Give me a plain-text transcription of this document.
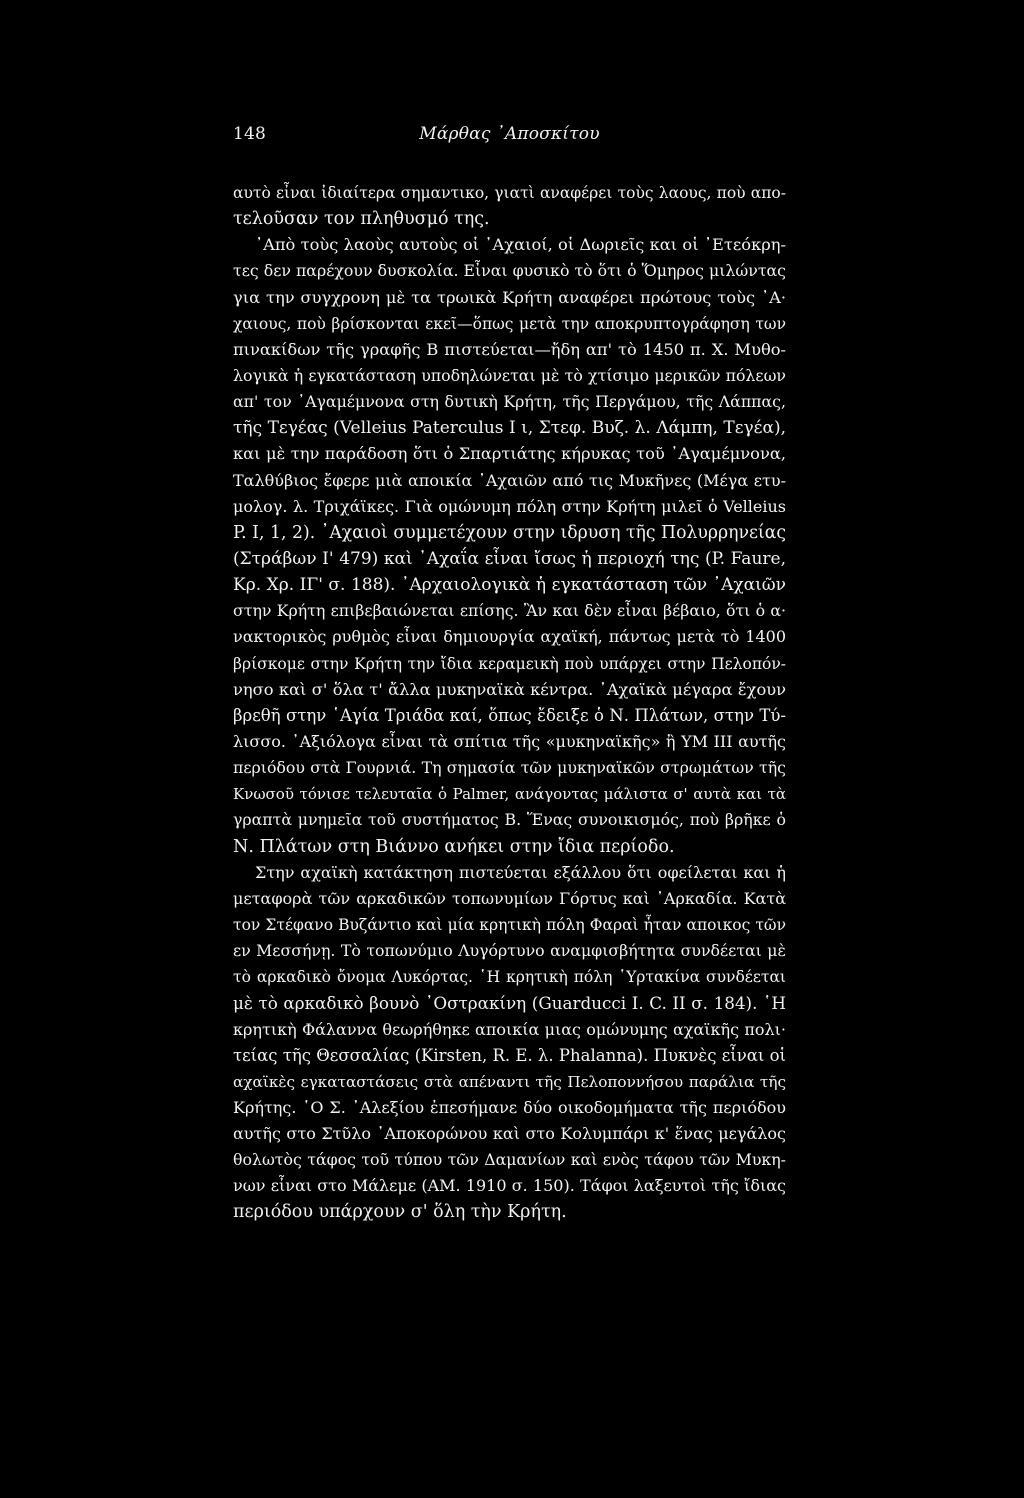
148	Μάρθας ᾿Αποσκίτου
αυτὸ εἶναι ἰδιαίτερα σημαντικο, γιατὶ αναφέρει τοὺς λαους, ποὺ απο-
τελοῦσαν τον πληθυσμό της.
᾿Απὸ τοὺς λαοὺς αυτοὺς οἱ ᾿Αχαιοί, οἱ Δωριεῖς και οἱ ᾿Ετεόκρη-
τες δεν παρέχουν δυσκολία. Εἶναι φυσικὸ τὸ ὅτι ὁ Ὅμηρος μιλώντας
για την συγχρονη μὲ τα τρωικὰ Κρήτη αναφέρει πρώτους τοὺς ᾿Α·
χαιους, ποὺ βρίσκονται εκεῖ—ὅπως μετὰ την αποκρυπτογράφηση των
πινακίδων τῆς γραφῆς Β πιστεύεται—ἤδη απ' τὸ 1450 π. Χ. Μυθο-
λογικὰ ἡ εγκατάσταση υποδηλώνεται μὲ τὸ χτίσιμο μερικῶν πόλεων
απ' τον ᾿Αγαμέμνονα στη δυτικὴ Κρήτη, τῆς Περγάμου, τῆς Λάππας,
τῆς Τεγέας (Velleius Paterculus I ι, Στεφ. Βυζ. λ. Λάμπη, Τεγέα),
και μὲ την παράδοση ὅτι ὁ Σπαρτιάτης κήρυκας τοῦ ᾿Αγαμέμνονα,
Ταλθύβιος ἔφερε μιὰ αποικία ᾿Αχαιῶν από τις Μυκῆνες (Μέγα ετυ-
μολογ. λ. Τριχάϊκες. Γιὰ ομώνυμη πόλη στην Κρήτη μιλεῖ ὁ Velleius
P. I, 1, 2). ᾿Αχαιοὶ συμμετέχουν στην ιδρυση τῆς Πολυρρηνείας
(Στράβων Ι' 479) καὶ ᾿Αχαΐα εἶναι ἴσως ἡ περιοχή της (P. Faure,
Κρ. Χρ. ΙΓ' σ. 188). ᾿Αρχαιολογικὰ ἡ εγκατάσταση τῶν ᾿Αχαιῶν
στην Κρήτη επιβεβαιώνεται επίσης. Ἂν και δὲν εἶναι βέβαιο, ὅτι ὁ α·
νακτορικὸς ρυθμὸς εἶναι δημιουργία αχαϊκή, πάντως μετὰ τὸ 1400
βρίσκομε στην Κρήτη την ἴδια κεραμεικὴ ποὺ υπάρχει στην Πελοπόν-
νησο καὶ σ' ὅλα τ' ἄλλα μυκηναϊκὰ κέντρα. ᾿Αχαϊκὰ μέγαρα ἔχουν
βρεθῆ στην ῾Αγία Τριάδα καί, ὅπως ἔδειξε ὁ Ν. Πλάτων, στην Τύ-
λισσο. ᾿Αξιόλογα εἶναι τὰ σπίτια τῆς «μυκηναϊκῆς» ἢ ΥΜ ΙΙΙ αυτῆς
περιόδου στὰ Γουρνιά. Τη σημασία τῶν μυκηναϊκῶν στρωμάτων τῆς
Κνωσοῦ τόνισε τελευταῖα ὁ Palmer, ανάγοντας μάλιστα σ' αυτὰ και τὰ
γραπτὰ μνημεῖα τοῦ συστήματος Β. Ἕνας συνοικισμός, ποὺ βρῆκε ὁ
Ν. Πλάτων στη Βιάννο ανήκει στην ἴδια περίοδο.
Στην αχαϊκὴ κατάκτηση πιστεύεται εξάλλου ὅτι οφείλεται και ἡ
μεταφορὰ τῶν αρκαδικῶν τοπωνυμίων Γόρτυς καὶ ᾿Αρκαδία. Κατὰ
τον Στέφανο Βυζάντιο καὶ μία κρητικὴ πόλη Φαραὶ ἦταν αποικος τῶν
εν Μεσσήνῃ. Τὸ τοπωνύμιο Λυγόρτυνο αναμφισβήτητα συνδέεται μὲ
τὸ αρκαδικὸ ὄνομα Λυκόρτας. ῾Η κρητικὴ πόλη ῾Υρτακίνα συνδέεται
μὲ τὸ αρκαδικὸ βουνὸ ᾿Οστρακίνη (Guarducci I. C. II σ. 184). ῾Η
κρητικὴ Φάλαννα θεωρήθηκε αποικία μιας ομώνυμης αχαϊκῆς πολι·
τείας τῆς Θεσσαλίας (Kirsten, R. E. λ. Phalanna). Πυκνὲς εἶναι οἱ
αχαϊκὲς εγκαταστάσεις στὰ απέναντι τῆς Πελοποννήσου παράλια τῆς
Κρήτης. ῾Ο Σ. ᾿Αλεξίου ἐπεσήμανε δύο οικοδομήματα τῆς περιόδου
αυτῆς στο Στῦλο ᾿Αποκορώνου καὶ στο Κολυμπάρι κ' ἕνας μεγάλος
θολωτὸς τάφος τοῦ τύπου τῶν Δαμανίων καὶ ενὸς τάφου τῶν Μυκη-
νων εἶναι στο Μάλεμε (ΑΜ. 1910 σ. 150). Τάφοι λαξευτοὶ τῆς ἴδιας
περιόδου υπάρχουν σ' ὅλη τὴν Κρήτη.
